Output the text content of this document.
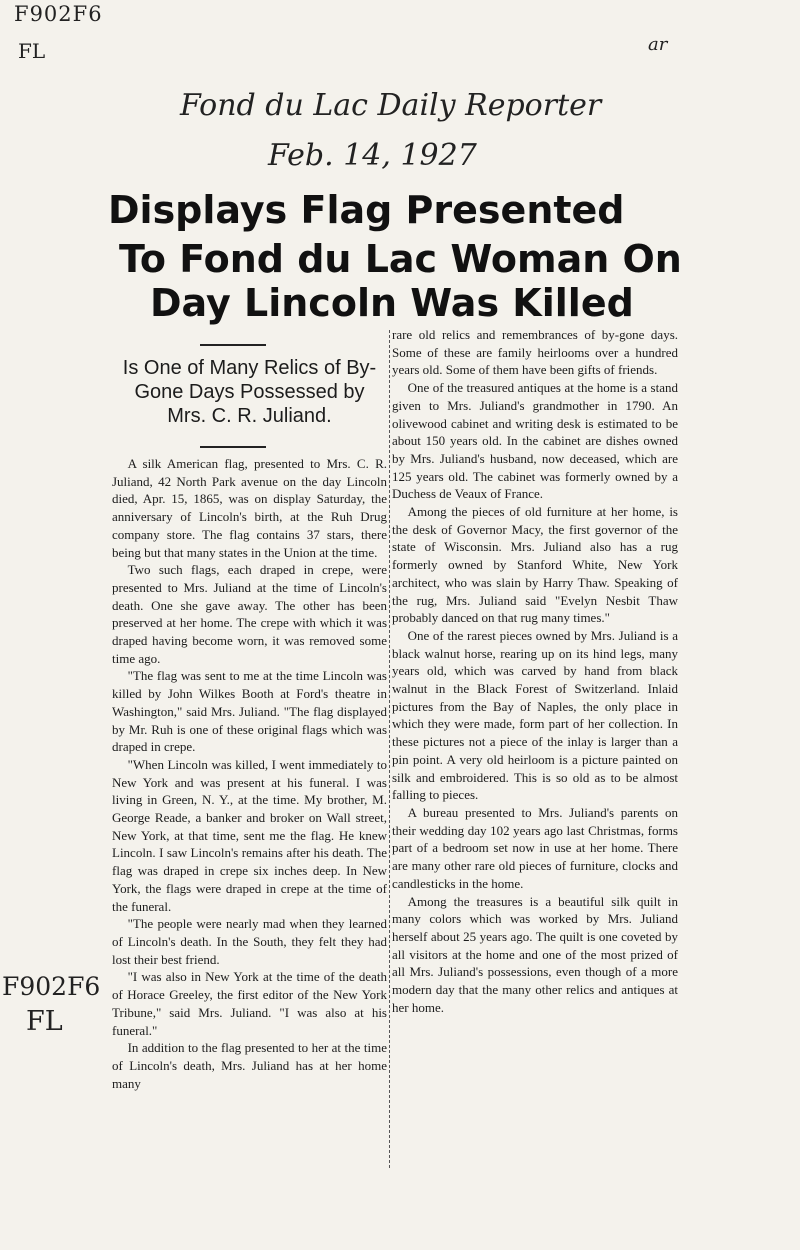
F902F6
FL	ar
Fond du Lac Daily Reporter
Feb. 14, 1927
Displays Flag Presented
To Fond du Lac Woman On
Day Lincoln Was Killed

Is One of Many Relics of By-

Gone Days Possessed by

Mrs. C. R. Juliand.

A silk American flag, presented to Mrs. C. R. Juliand, 42 North Park avenue on the day Lincoln died, Apr. 15, 1865, was on display Saturday, the anniversary of Lincoln's birth, at the Ruh Drug company store. The flag contains 37 stars, there being but that many states in the Union at the time.

Two such flags, each draped in crepe, were presented to Mrs. Juliand at the time of Lincoln's death. One she gave away. The other has been preserved at her home. The crepe with which it was draped having become worn, it was removed some time ago.

"The flag was sent to me at the time Lincoln was killed by John Wilkes Booth at Ford's theatre in Washington," said Mrs. Juliand. "The flag displayed by Mr. Ruh is one of these original flags which was draped in crepe.

"When Lincoln was killed, I went immediately to New York and was present at his funeral. I was living in Green, N. Y., at the time. My brother, M. George Reade, a banker and broker on Wall street, New York, at that time, sent me the flag. He knew Lincoln. I saw Lincoln's remains after his death. The flag was draped in crepe six inches deep. In New York, the flags were draped in crepe at the time of the funeral.

"The people were nearly mad when they learned of Lincoln's death. In the South, they felt they had lost their best friend.

"I was also in New York at the time of the death of Horace Greeley, the first editor of the New York Tribune," said Mrs. Juliand. "I was also at his funeral."

In addition to the flag presented to her at the time of Lincoln's death, Mrs. Juliand has at her home many

rare old relics and remembrances of by-gone days. Some of these are family heirlooms over a hundred years old. Some of them have been gifts of friends.

One of the treasured antiques at the home is a stand given to Mrs. Juliand's grandmother in 1790. An olivewood cabinet and writing desk is estimated to be about 150 years old. In the cabinet are dishes owned by Mrs. Juliand's husband, now deceased, which are 125 years old. The cabinet was formerly owned by a Duchess de Veaux of France.

Among the pieces of old furniture at her home, is the desk of Governor Macy, the first governor of the state of Wisconsin. Mrs. Juliand also has a rug formerly owned by Stanford White, New York architect, who was slain by Harry Thaw. Speaking of the rug, Mrs. Juliand said "Evelyn Nesbit Thaw probably danced on that rug many times."

One of the rarest pieces owned by Mrs. Juliand is a black walnut horse, rearing up on its hind legs, many years old, which was carved by hand from black walnut in the Black Forest of Switzerland. Inlaid pictures from the Bay of Naples, the only place in which they were made, form part of her collection. In these pictures not a piece of the inlay is larger than a pin point. A very old heirloom is a picture painted on silk and embroidered. This is so old as to be almost falling to pieces.

A bureau presented to Mrs. Juliand's parents on their wedding day 102 years ago last Christmas, forms part of a bedroom set now in use at her home. There are many other rare old pieces of furniture, clocks and candlesticks in the home.

Among the treasures is a beautiful silk quilt in many colors which was worked by Mrs. Juliand herself about 25 years ago. The quilt is one coveted by all visitors at the home and one of the most prized of all Mrs. Juliand's possessions, even though of a more modern day that the many other relics and antiques at her home.

F902F6
FL
